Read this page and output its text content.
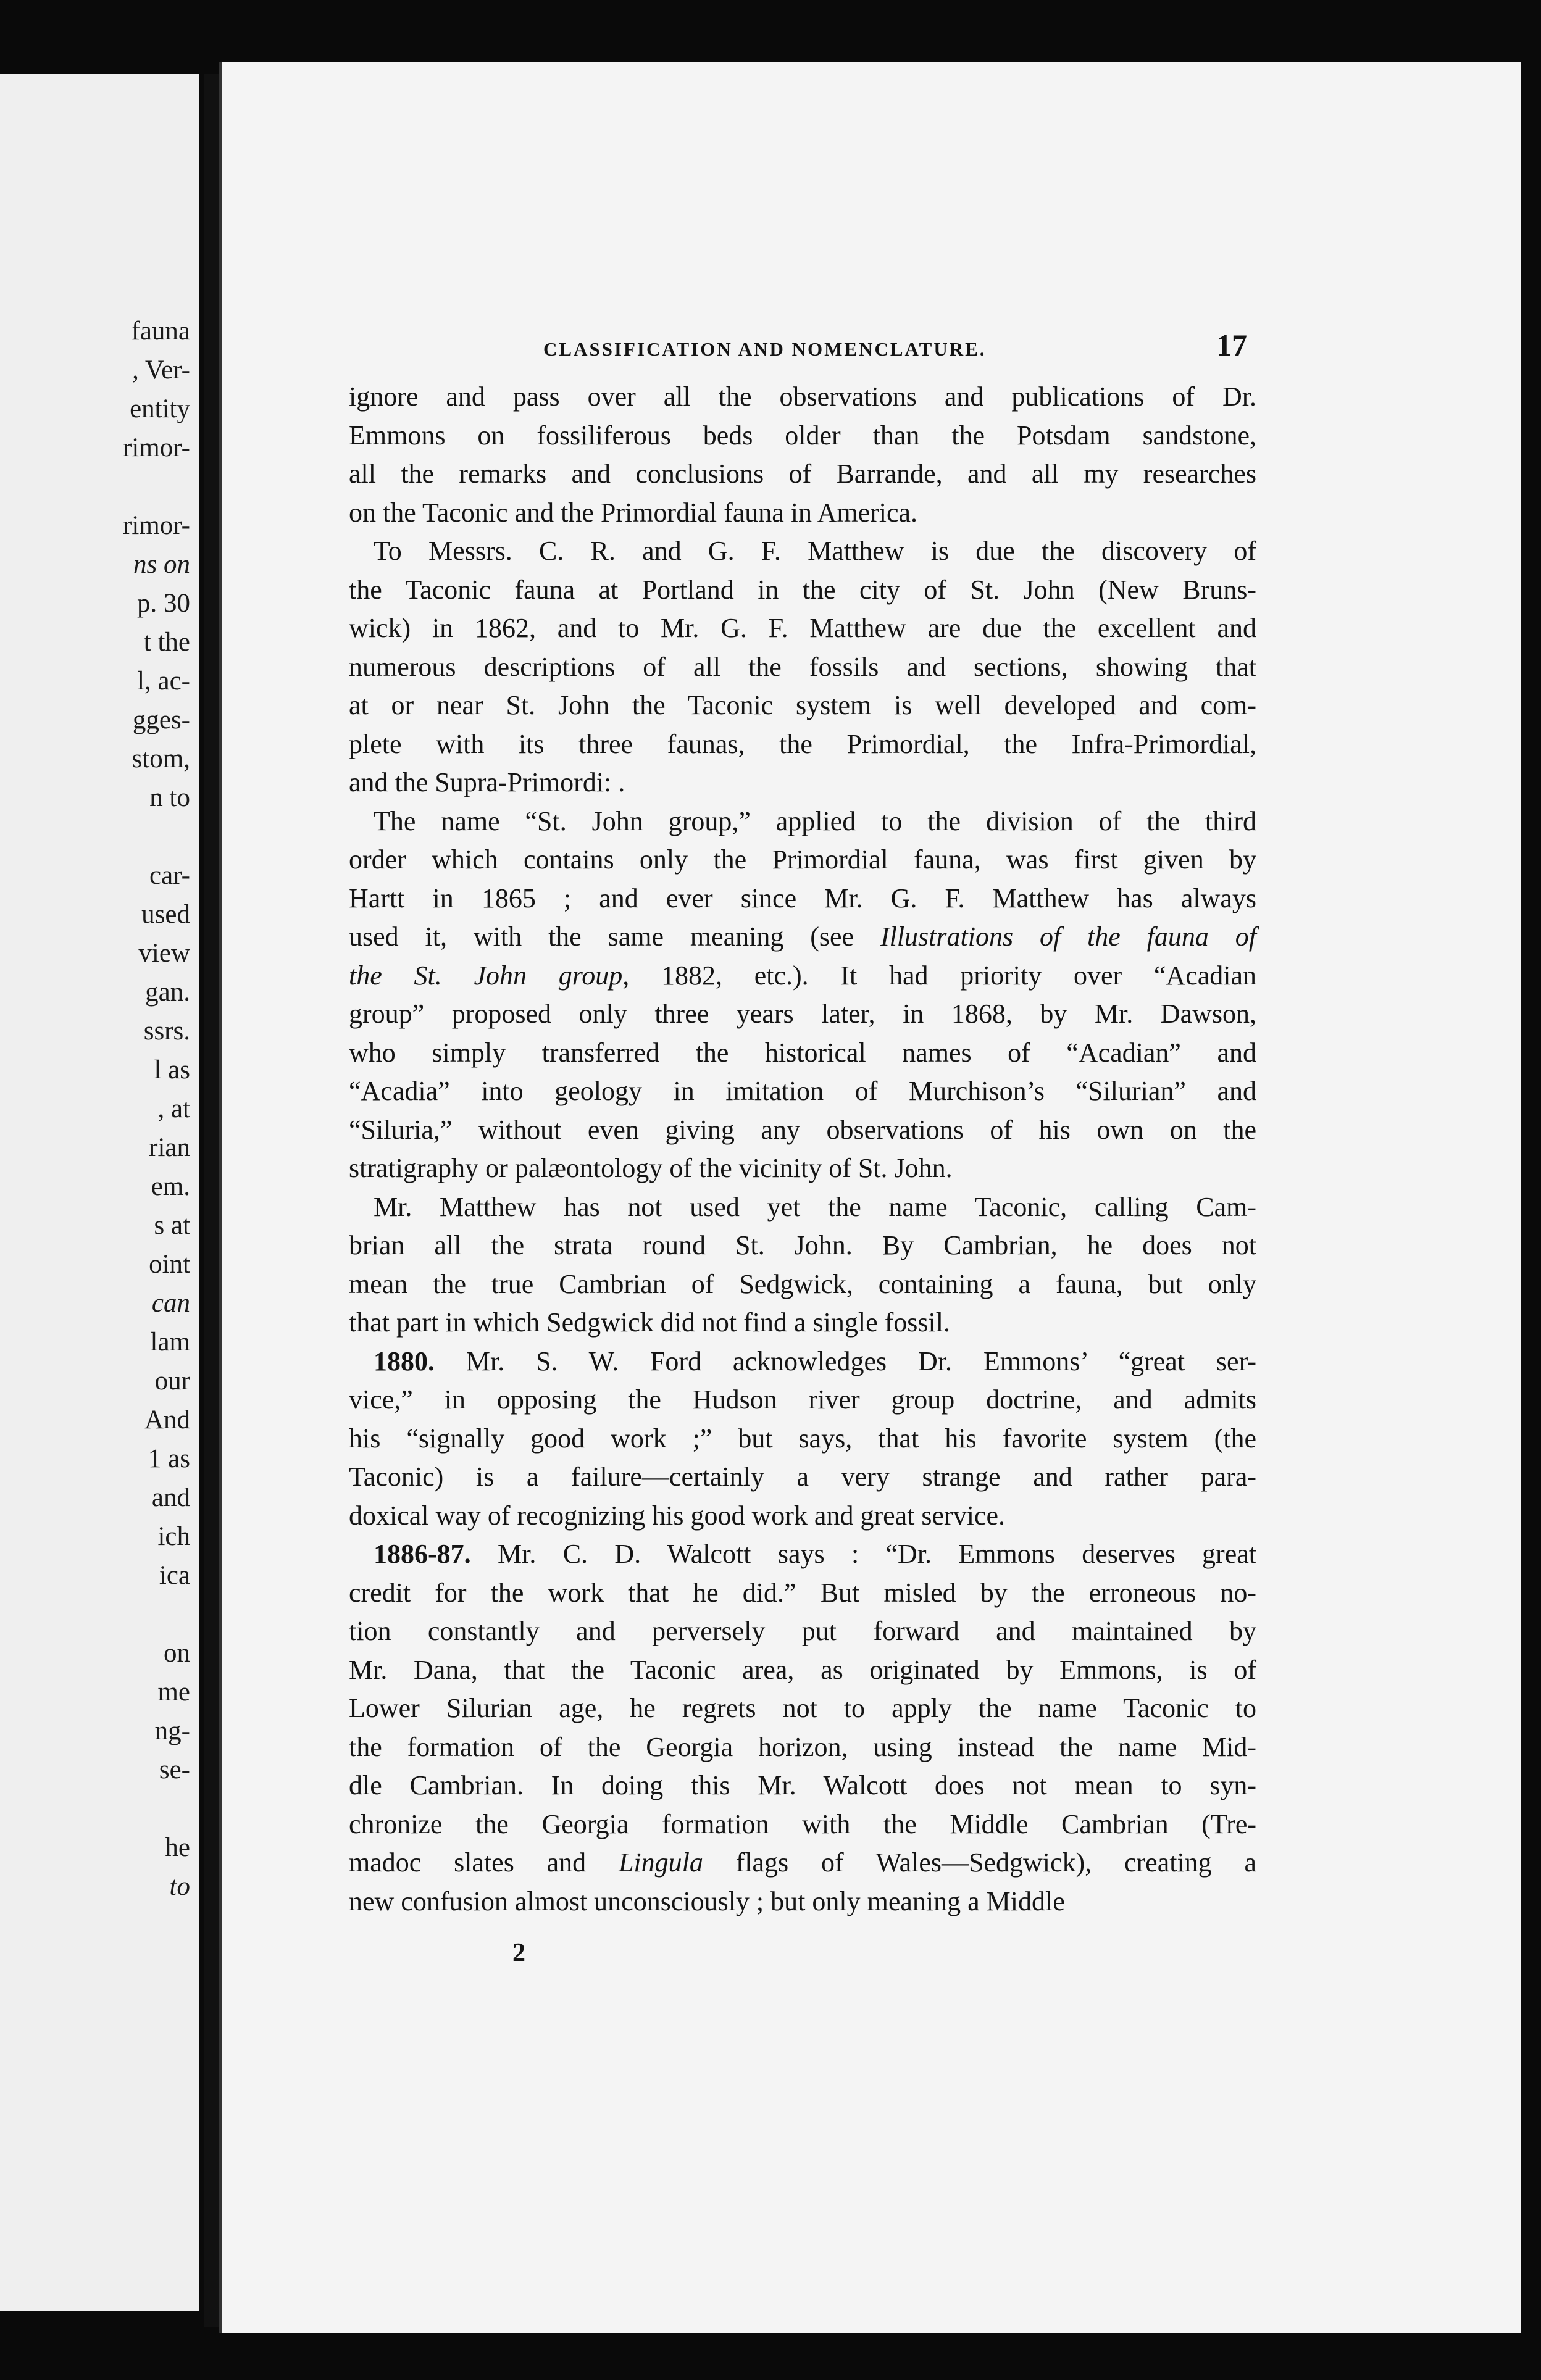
fauna
, Ver-
entity
rimor-
rimor-
ns on
p. 30
t the
l, ac-
gges-
stom,
n to
car-
used
view
gan.
ssrs.
l as
, at
rian
em.
s at
oint
can
lam
our
And
1 as
and
ich
ica
on
me
ng-
se-
he
to
CLASSIFICATION AND NOMENCLATURE.	17

ignore and pass over all the observations and publications of Dr.
Emmons on fossiliferous beds older than the Potsdam sandstone,
all the remarks and conclusions of Barrande, and all my researches
on the Taconic and the Primordial fauna in America.

To Messrs. C. R. and G. F. Matthew is due the discovery of
the Taconic fauna at Portland in the city of St. John (New Bruns-
wick) in 1862, and to Mr. G. F. Matthew are due the excellent and
numerous descriptions of all the fossils and sections, showing that
at or near St. John the Taconic system is well developed and com-
plete with its three faunas, the Primordial, the Infra-Primordial,
and the Supra-Primordi: .

The name “St. John group,” applied to the division of the third
order which contains only the Primordial fauna, was first given by
Hartt in 1865 ; and ever since Mr. G. F. Matthew has always
used it, with the same meaning (see Illustrations of the fauna of
the St. John group, 1882, etc.). It had priority over “Acadian
group” proposed only three years later, in 1868, by Mr. Dawson,
who simply transferred the historical names of “Acadian” and
“Acadia” into geology in imitation of Murchison’s “Silurian” and
“Siluria,” without even giving any observations of his own on the
stratigraphy or palæontology of the vicinity of St. John.

Mr. Matthew has not used yet the name Taconic, calling Cam-
brian all the strata round St. John. By Cambrian, he does not
mean the true Cambrian of Sedgwick, containing a fauna, but only
that part in which Sedgwick did not find a single fossil.

1880. Mr. S. W. Ford acknowledges Dr. Emmons’ “great ser-
vice,” in opposing the Hudson river group doctrine, and admits
his “signally good work ;” but says, that his favorite system (the
Taconic) is a failure—certainly a very strange and rather para-
doxical way of recognizing his good work and great service.

1886-87. Mr. C. D. Walcott says : “Dr. Emmons deserves great
credit for the work that he did.” But misled by the erroneous no-
tion constantly and perversely put forward and maintained by
Mr. Dana, that the Taconic area, as originated by Emmons, is of
Lower Silurian age, he regrets not to apply the name Taconic to
the formation of the Georgia horizon, using instead the name Mid-
dle Cambrian. In doing this Mr. Walcott does not mean to syn-
chronize the Georgia formation with the Middle Cambrian (Tre-
madoc slates and Lingula flags of Wales—Sedgwick), creating a
new confusion almost unconsciously ; but only meaning a Middle

2
